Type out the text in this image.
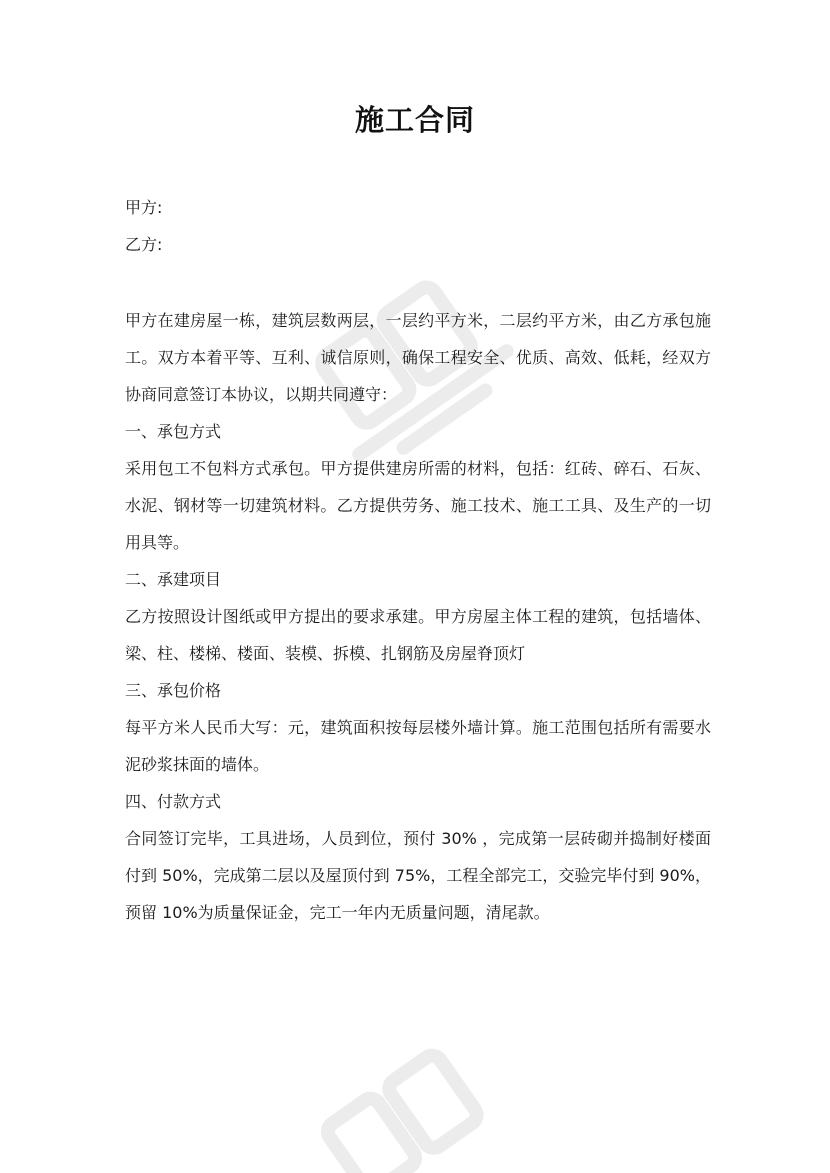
施工合同
甲方:
乙方:

甲方在建房屋一栋，建筑层数两层，一层约平方米，二层约平方米，由乙方承包施工。双方本着平等、互利、诚信原则，确保工程安全、优质、高效、低耗，经双方协商同意签订本协议，以期共同遵守：

一、承包方式

采用包工不包料方式承包。甲方提供建房所需的材料，包括：红砖、碎石、石灰、水泥、钢材等一切建筑材料。乙方提供劳务、施工技术、施工工具、及生产的一切用具等。

二、承建项目

乙方按照设计图纸或甲方提出的要求承建。甲方房屋主体工程的建筑，包括墙体、梁、柱、楼梯、楼面、装模、拆模、扎钢筋及房屋脊顶灯

三、承包价格

每平方米人民币大写：元，建筑面积按每层楼外墙计算。施工范围包括所有需要水泥砂浆抹面的墙体。

四、付款方式

合同签订完毕，工具进场，人员到位，预付 30% ，完成第一层砖砌并捣制好楼面付到 50%，完成第二层以及屋顶付到 75%，工程全部完工，交验完毕付到 90%，预留 10%为质量保证金，完工一年内无质量问题，清尾款。
